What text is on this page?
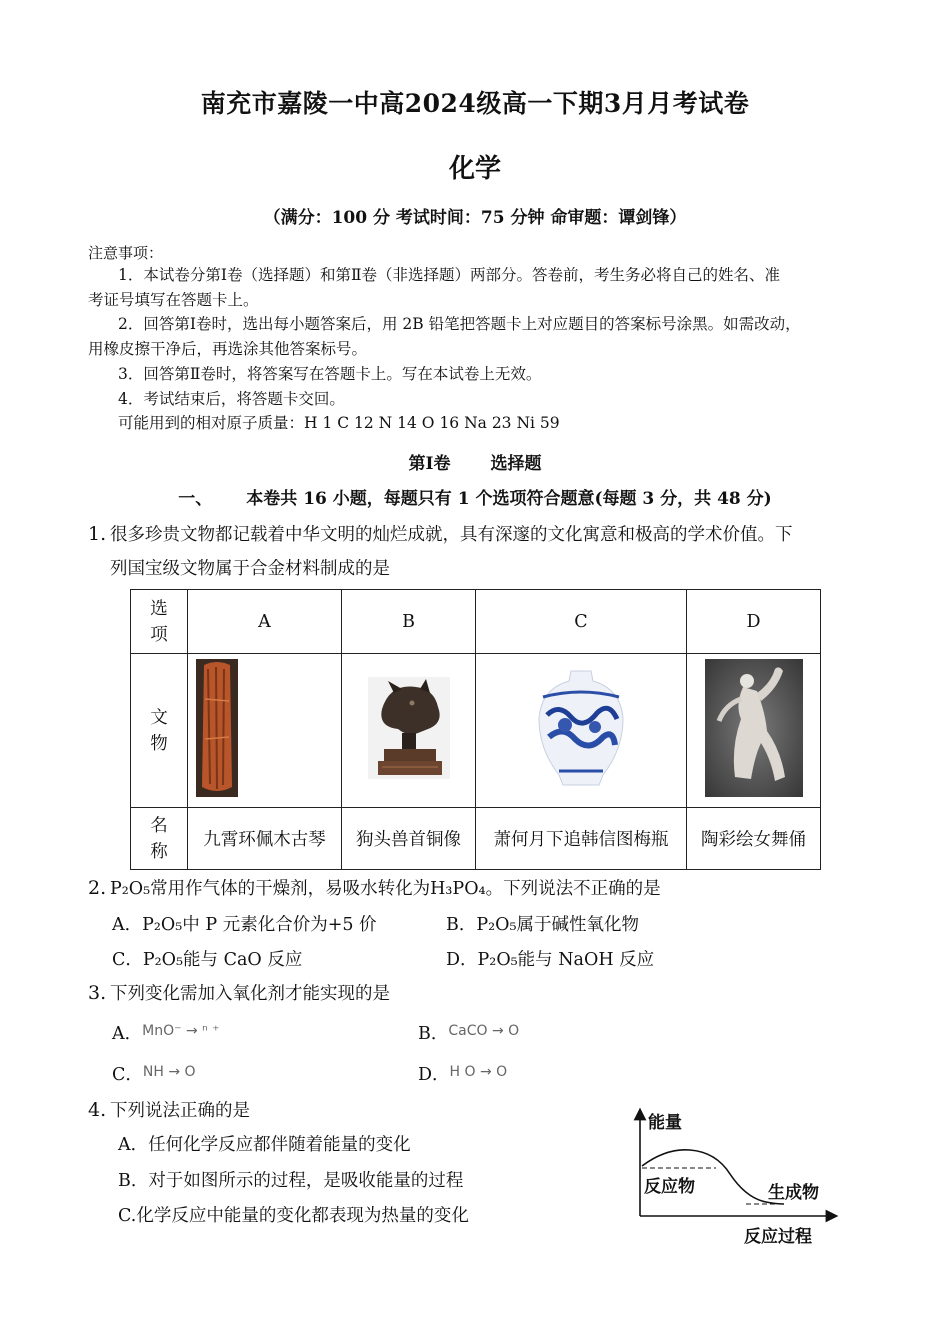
南充市嘉陵一中高2024级高一下期3月月考试卷
化学
（满分：100 分 考试时间：75 分钟 命审题：谭剑锋）
注意事项：
1．本试卷分第Ⅰ卷（选择题）和第Ⅱ卷（非选择题）两部分。答卷前，考生务必将自己的姓名、准
考证号填写在答题卡上。
2．回答第Ⅰ卷时，选出每小题答案后，用 2B 铅笔把答题卡上对应题目的答案标号涂黑。如需改动，
用橡皮擦干净后，再选涂其他答案标号。
3．回答第Ⅱ卷时，将答案写在答题卡上。写在本试卷上无效。
4．考试结束后，将答题卡交回。
可能用到的相对原子质量：H 1 C 12 N 14 O 16 Na 23 Ni 59
第Ⅰ卷 选择题
一、 本卷共 16 小题，每题只有 1 个选项符合题意(每题 3 分，共 48 分)
1. 很多珍贵文物都记载着中华文明的灿烂成就，具有深邃的文化寓意和极高的学术价值。下
列国宝级文物属于合金材料制成的是
选
项	A	B	C	D
文
物				
名
称	九霄环佩木古琴	狗头兽首铜像	萧何月下追韩信图梅瓶	陶彩绘女舞俑
2. P₂O₅常用作气体的干燥剂，易吸水转化为H₃PO₄。下列说法不正确的是
A．P₂O₅中 P 元素化合价为+5 价	B．P₂O₅属于碱性氧化物
C．P₂O₅能与 CaO 反应	D．P₂O₅能与 NaOH 反应
3. 下列变化需加入氧化剂才能实现的是
A．$^{MnO^- \to ^n ^+}$	B．$^{CaCO \to O}$
C．$^{NH \to O}$	D．$^{H O \to O}$
4. 下列说法正确的是
A．任何化学反应都伴随着能量的变化
B．对于如图所示的过程，是吸收能量的过程
C.化学反应中能量的变化都表现为热量的变化
能量
反应物	生成物
反应过程
